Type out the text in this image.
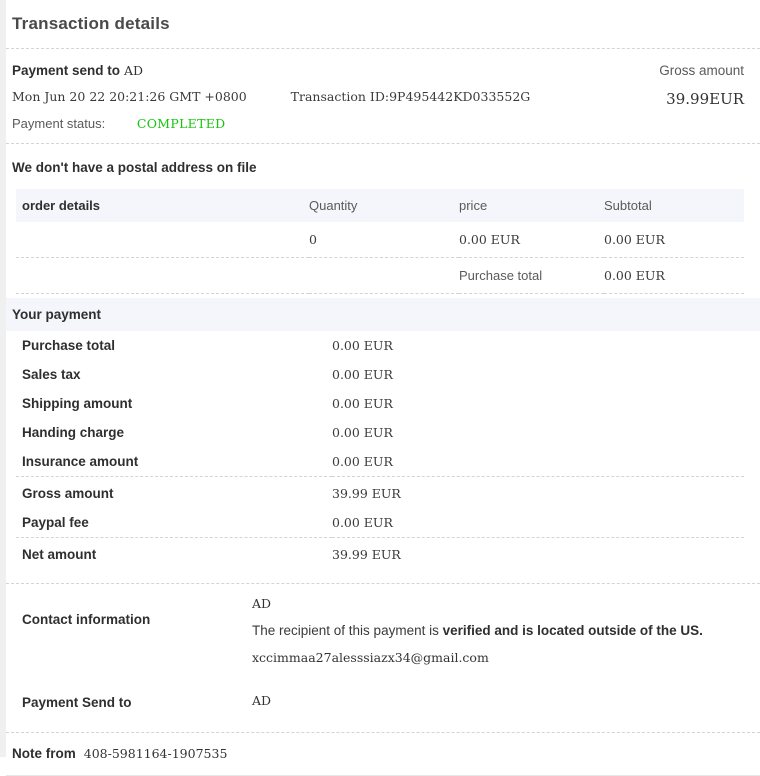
Transaction details
Payment send to AD
Mon Jun 20 22 20:21:26 GMT +0800	Transaction ID:9P495442KD033552G
Payment status:	COMPLETED
Gross amount
39.99EUR
We don't have a postal address on file
order details	Quantity	price	Subtotal
	0	0.00 EUR	0.00 EUR
		Purchase total	0.00 EUR
Your payment
Purchase total	0.00 EUR
Sales tax	0.00 EUR
Shipping amount	0.00 EUR
Handing charge	0.00 EUR
Insurance amount	0.00 EUR
Gross amount	39.99 EUR
Paypal fee	0.00 EUR
Net amount	39.99 EUR
Contact information	AD
The recipient of this payment is verified and is located outside of the US.
xccimmaa27alesssiazx34@gmail.com

Payment Send to	AD
Note from 408-5981164-1907535
